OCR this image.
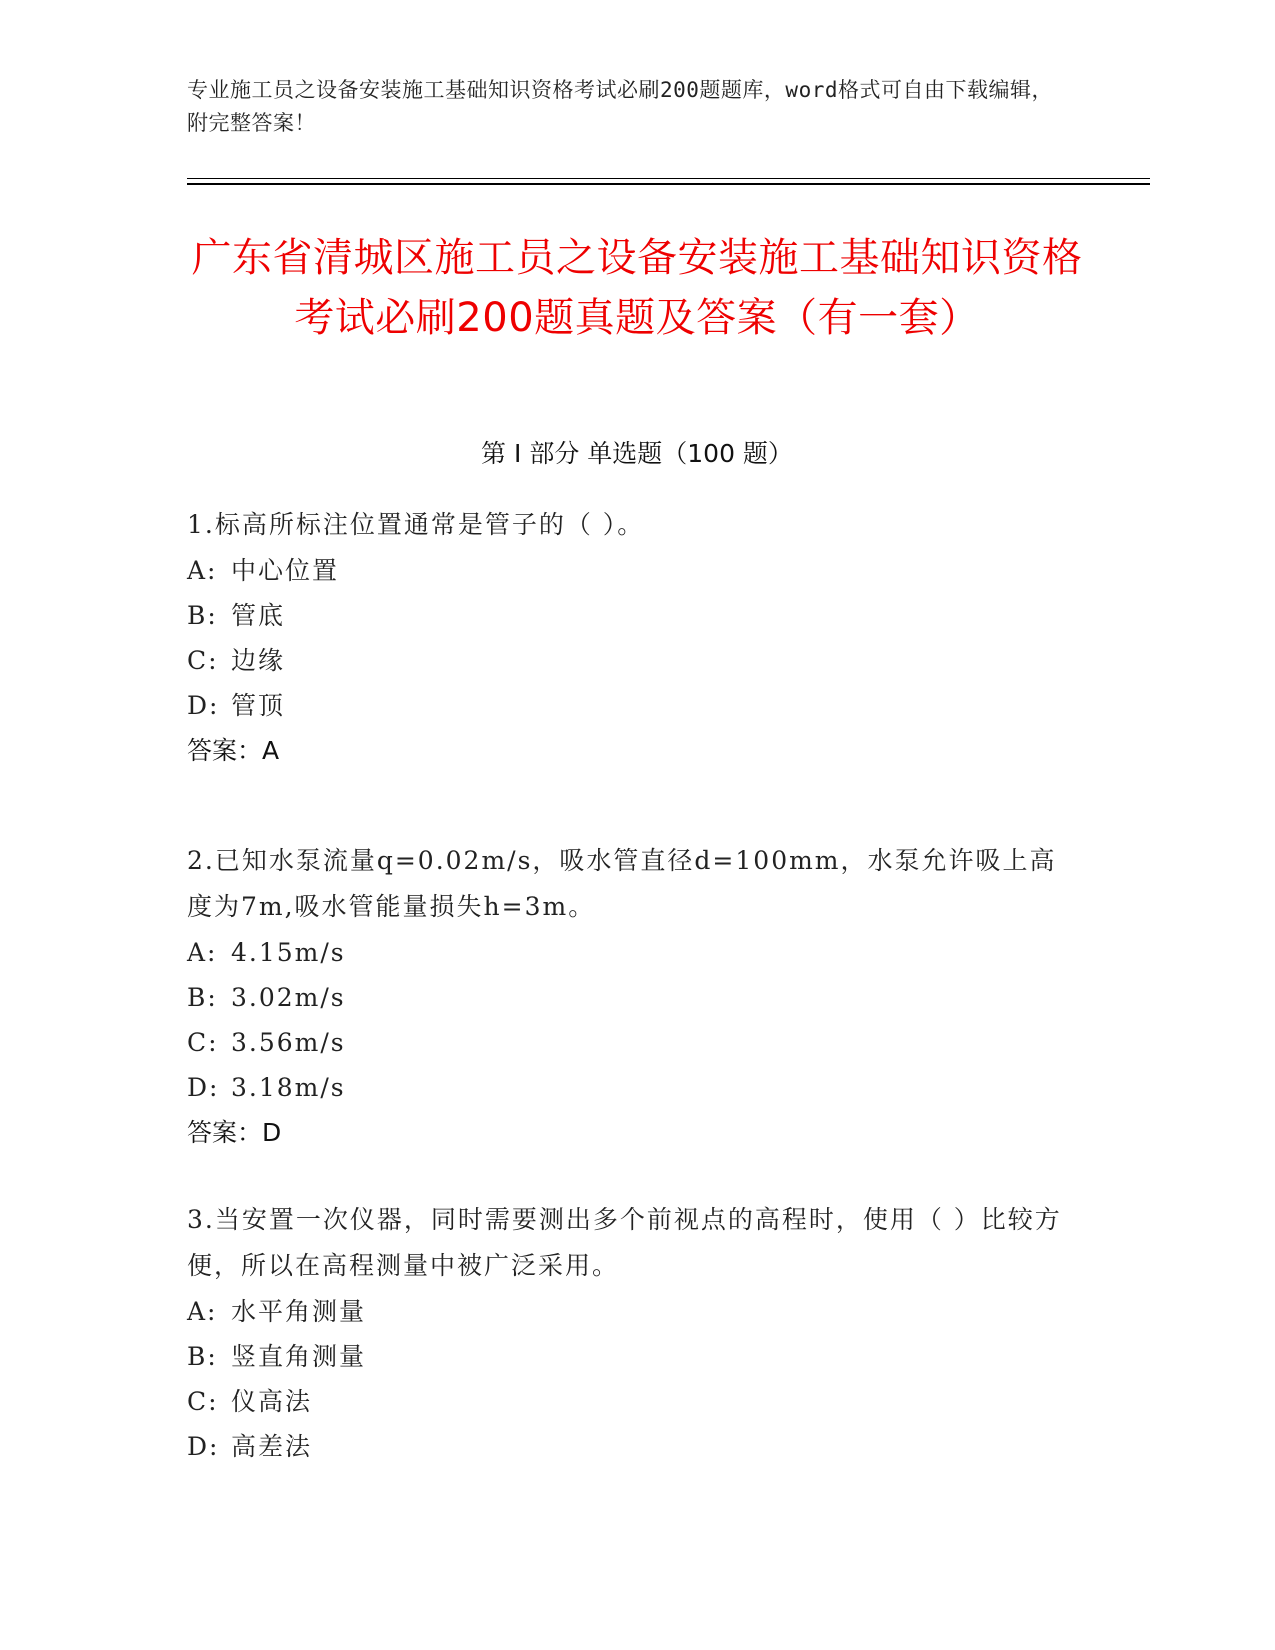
专业施工员之设备安装施工基础知识资格考试必刷200题题库，word格式可自由下载编辑，附完整答案！
广东省清城区施工员之设备安装施工基础知识资格考试必刷200题真题及答案（有一套）
第 I 部分 单选题（100 题）
1.标高所标注位置通常是管子的（ ）。
A: 中心位置
B: 管底
C: 边缘
D: 管顶
答案：A
2.已知水泵流量q=0.02m/s，吸水管直径d=100mm，水泵允许吸上高度为7m,吸水管能量损失h=3m。
A: 4.15m/s
B: 3.02m/s
C: 3.56m/s
D: 3.18m/s
答案：D
3.当安置一次仪器，同时需要测出多个前视点的高程时，使用（ ）比较方便，所以在高程测量中被广泛采用。
A: 水平角测量
B: 竖直角测量
C: 仪高法
D: 高差法
